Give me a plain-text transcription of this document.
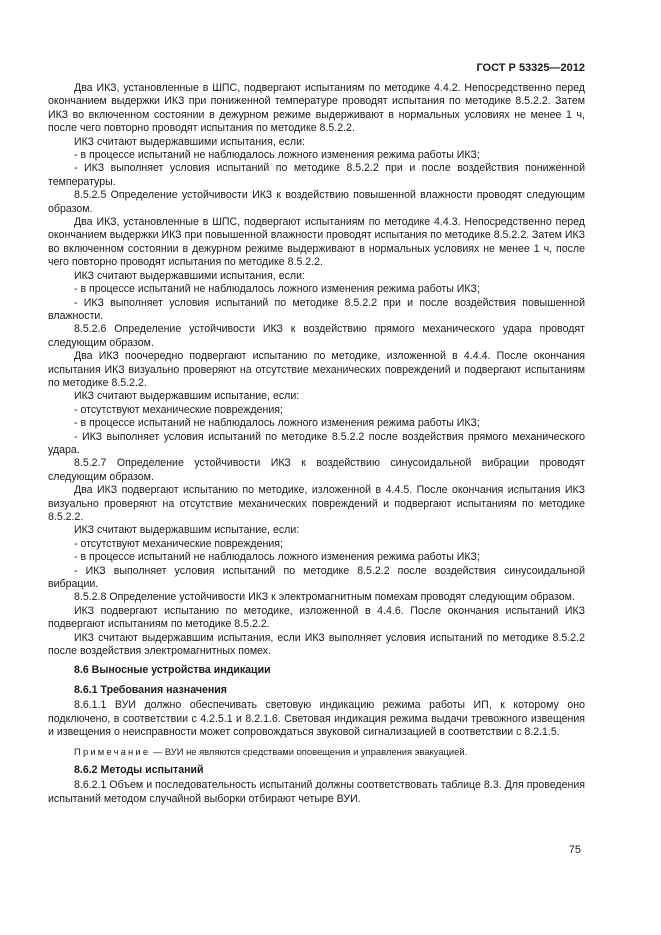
ГОСТ Р 53325—2012

Два ИКЗ, установленные в ШПС, подвергают испытаниям по методике 4.4.2. Непосредственно перед окончанием выдержки ИКЗ при пониженной температуре проводят испытания по методике 8.5.2.2. Затем ИКЗ во включенном состоянии в дежурном режиме выдерживают в нормальных условиях не менее 1 ч, после чего повторно проводят испытания по методике 8.5.2.2.

ИКЗ считают выдержавшими испытания, если:

- в процессе испытаний не наблюдалось ложного изменения режима работы ИКЗ;

- ИКЗ выполняет условия испытаний по методике 8.5.2.2 при и после воздействия пониженной температуры.

8.5.2.5 Определение устойчивости ИКЗ к воздействию повышенной влажности проводят следующим образом.

Два ИКЗ, установленные в ШПС, подвергают испытаниям по методике 4.4.3. Непосредственно перед окончанием выдержки ИКЗ при повышенной влажности проводят испытания по методике 8.5.2.2. Затем ИКЗ во включенном состоянии в дежурном режиме выдерживают в нормальных условиях не менее 1 ч, после чего повторно проводят испытания по методике 8.5.2.2.

ИКЗ считают выдержавшими испытания, если:

- в процессе испытаний не наблюдалось ложного изменения режима работы ИКЗ;

- ИКЗ выполняет условия испытаний по методике 8.5.2.2 при и после воздействия повышенной влажности.

8.5.2.6 Определение устойчивости ИКЗ к воздействию прямого механического удара проводят следующим образом.

Два ИКЗ поочередно подвергают испытанию по методике, изложенной в 4.4.4. После окончания испытания ИКЗ визуально проверяют на отсутствие механических повреждений и подвергают испытаниям по методике 8.5.2.2.

ИКЗ считают выдержавшим испытание, если:

- отсутствуют механические повреждения;

- в процессе испытаний не наблюдалось ложного изменения режима работы ИКЗ;

- ИКЗ выполняет условия испытаний по методике 8.5.2.2 после воздействия прямого механического удара.

8.5.2.7 Определение устойчивости ИКЗ к воздействию синусоидальной вибрации проводят следующим образом.

Два ИКЗ подвергают испытанию по методике, изложенной в 4.4.5. После окончания испытания ИКЗ визуально проверяют на отсутствие механических повреждений и подвергают испытаниям по методике 8.5.2.2.

ИКЗ считают выдержавшим испытание, если:

- отсутствуют механические повреждения;

- в процессе испытаний не наблюдалось ложного изменения режима работы ИКЗ;

- ИКЗ выполняет условия испытаний по методике 8.5.2.2 после воздействия синусоидальной вибрации.

8.5.2.8 Определение устойчивости ИКЗ к электромагнитным помехам проводят следующим образом.

ИКЗ подвергают испытанию по методике, изложенной в 4.4.6. После окончания испытаний ИКЗ подвергают испытаниям по методике 8.5.2.2.

ИКЗ считают выдержавшим испытания, если ИКЗ выполняет условия испытаний по методике 8.5.2.2 после воздействия электромагнитных помех.

8.6 Выносные устройства индикации

8.6.1 Требования назначения

8.6.1.1 ВУИ должно обеспечивать световую индикацию режима работы ИП, к которому оно подключено, в соответствии с 4.2.5.1 и 8.2.1.6. Световая индикация режима выдачи тревожного извещения и извещения о неисправности может сопровождаться звуковой сигнализацией в соответствии с 8.2.1.5.

Примечание — ВУИ не являются средствами оповещения и управления эвакуацией.

8.6.2 Методы испытаний

8.6.2.1 Объем и последовательность испытаний должны соответствовать таблице 8.3. Для проведения испытаний методом случайной выборки отбирают четыре ВУИ.

75
